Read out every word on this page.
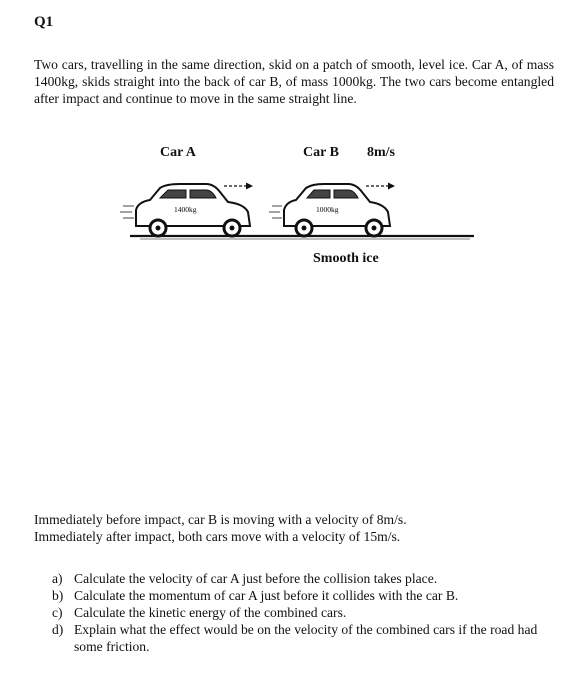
Q1
Two cars, travelling in the same direction, skid on a patch of smooth, level ice. Car A, of mass 1400kg, skids straight into the back of car B, of mass 1000kg. The two cars become entangled after impact and continue to move in the same straight line.
1400kg	1000kg
Car A	Car B 8m/s
Smooth ice
Immediately before impact, car B is moving with a velocity of 8m/s.
Immediately after impact, both cars move with a velocity of 15m/s.
a) Calculate the velocity of car A just before the collision takes place.
b) Calculate the momentum of car A just before it collides with the car B.
c) Calculate the kinetic energy of the combined cars.
d) Explain what the effect would be on the velocity of the combined cars if the road had some friction.
